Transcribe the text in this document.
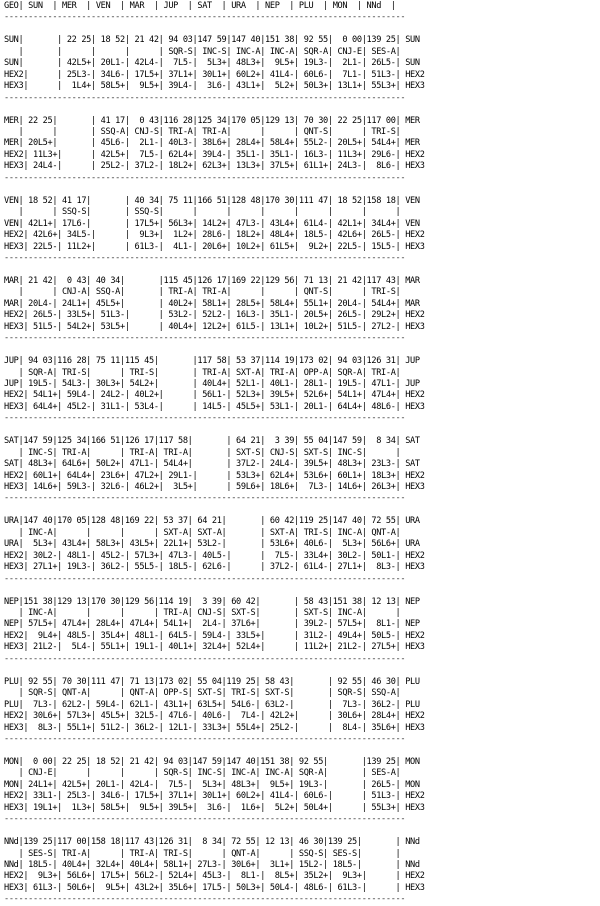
GEO| SUN  | MER  | VEN  | MAR  | JUP  | SAT  | URA  | NEP  | PLU  | MON  | NNd  |
-----------------------------------------------------------------------------------
SUN|       | 22 25| 18 52| 21 42| 94 03|147 59|147 40|151 38| 92 55|  0 00|139 25| SUN
|       |      |      |      | SQR-S| INC-S| INC-A| INC-A| SQR-A| CNJ-E| SES-A|
SUN|       | 42L5+| 20L1-| 42L4-|  7L5-|  5L3+| 48L3+|  9L5+| 19L3-|  2L1-| 26L5-| SUN
HEX2|      | 25L3-| 34L6-| 17L5+| 37L1+| 30L1+| 60L2+| 41L4-| 60L6-|  7L1-| 51L3-| HEX2
HEX3|      |  1L4+| 58L5+|  9L5+| 39L4-|  3L6-| 43L1+|  5L2+| 50L3+| 13L1+| 55L3+| HEX3
-----------------------------------------------------------------------------------
MER| 22 25|       | 41 17|  0 43|116 28|125 34|170 05|129 13| 70 30| 22 25|117 00| MER
|      |       | SSQ-A| CNJ-S| TRI-A| TRI-A|      |      | QNT-S|      | TRI-S|
MER| 20L5+|       | 45L6-|  2L1-| 40L3-| 38L6+| 28L4+| 58L4+| 55L2-| 20L5+| 54L4+| MER
HEX2| 11L3+|      | 42L5+|  7L5-| 62L4+| 39L4-| 35L1-| 35L1-| 16L3-| 11L3+| 29L6-| HEX2
HEX3| 24L4-|      | 25L2-| 37L2-| 18L2+| 62L3+| 13L3+| 37L5+| 61L1+| 24L3-|  8L6-| HEX3
-----------------------------------------------------------------------------------
VEN| 18 52| 41 17|       | 40 34| 75 11|166 51|128 48|170 30|111 47| 18 52|158 18| VEN
|      | SSQ-S|       | SSQ-S|      |      |      |      |      |      |      |
VEN| 42L1+| 17L6-|       | 17L5+| 56L3+| 14L2+| 47L3-| 43L4+| 61L4-| 42L1+| 34L4+| VEN
HEX2| 42L6+| 34L5-|      |  9L3+|  1L2+| 28L6-| 18L2+| 48L4+| 18L5-| 42L6+| 26L5-| HEX2
HEX3| 22L5-| 11L2+|      | 61L3-|  4L1-| 20L6+| 10L2+| 61L5+|  9L2+| 22L5-| 15L5-| HEX3
-----------------------------------------------------------------------------------
MAR| 21 42|  0 43| 40 34|       |115 45|126 17|169 22|129 56| 71 13| 21 42|117 43| MAR
|      | CNJ-A| SSQ-A|       | TRI-A| TRI-A|      |      | QNT-S|      | TRI-S|
MAR| 20L4-| 24L1+| 45L5+|       | 40L2+| 58L1+| 28L5+| 58L4+| 55L1+| 20L4-| 54L4+| MAR
HEX2| 26L5-| 33L5+| 51L3-|      | 53L2-| 52L2-| 16L3-| 35L1-| 20L5+| 26L5-| 29L2+| HEX2
HEX3| 51L5-| 54L2+| 53L5+|      | 40L4+| 12L2+| 61L5-| 13L1+| 10L2+| 51L5-| 27L2-| HEX3
-----------------------------------------------------------------------------------
JUP| 94 03|116 28| 75 11|115 45|       |117 58| 53 37|114 19|173 02| 94 03|126 31| JUP
| SQR-A| TRI-S|      | TRI-S|       | TRI-A| SXT-A| TRI-A| OPP-A| SQR-A| TRI-A|
JUP| 19L5-| 54L3-| 30L3+| 54L2+|       | 40L4+| 52L1-| 40L1-| 28L1-| 19L5-| 47L1-| JUP
HEX2| 54L1+| 59L4-| 24L2-| 40L2+|      | 56L1-| 52L3+| 39L5+| 52L6+| 54L1+| 47L4+| HEX2
HEX3| 64L4+| 45L2-| 31L1-| 53L4-|      | 14L5-| 45L5+| 53L1-| 20L1-| 64L4+| 48L6-| HEX3
-----------------------------------------------------------------------------------
SAT|147 59|125 34|166 51|126 17|117 58|       | 64 21|  3 39| 55 04|147 59|  8 34| SAT
| INC-S| TRI-A|      | TRI-A| TRI-A|       | SXT-S| CNJ-S| SXT-S| INC-S|      |
SAT| 48L3+| 64L6+| 50L2+| 47L1-| 54L4+|       | 37L2-| 24L4-| 39L5+| 48L3+| 23L3-| SAT
HEX2| 60L1+| 64L4+| 23L6+| 47L2+| 29L1-|      | 53L3+| 62L4+| 53L6+| 60L1+| 18L3+| HEX2
HEX3| 14L6+| 59L3-| 32L6-| 46L2+|  3L5+|      | 59L6+| 18L6+|  7L3-| 14L6+| 26L3+| HEX3
-----------------------------------------------------------------------------------
URA|147 40|170 05|128 48|169 22| 53 37| 64 21|       | 60 42|119 25|147 40| 72 55| URA
| INC-A|      |      |      | SXT-A| SXT-A|       | SXT-A| TRI-S| INC-A| QNT-A|
URA|  5L3+| 43L4+| 58L3+| 43L5+| 22L1+| 53L2-|       | 53L6+| 40L6-|  5L3+| 56L6+| URA
HEX2| 30L2-| 48L1-| 45L2-| 57L3+| 47L3-| 40L5-|      |  7L5-| 33L4+| 30L2-| 50L1-| HEX2
HEX3| 27L1+| 19L3-| 36L2-| 55L5-| 18L5-| 62L6-|      | 37L2-| 61L4-| 27L1+|  8L3-| HEX3
-----------------------------------------------------------------------------------
NEP|151 38|129 13|170 30|129 56|114 19|  3 39| 60 42|       | 58 43|151 38| 12 13| NEP
| INC-A|      |      |      | TRI-A| CNJ-S| SXT-S|       | SXT-S| INC-A|      |
NEP| 57L5+| 47L4+| 28L4+| 47L4+| 54L1+|  2L4-| 37L6+|       | 39L2-| 57L5+|  8L1-| NEP
HEX2|  9L4+| 48L5-| 35L4+| 48L1-| 64L5-| 59L4-| 33L5+|      | 31L2-| 49L4+| 50L5-| HEX2
HEX3| 21L2-|  5L4-| 55L1+| 19L1-| 40L1+| 32L4+| 52L4+|      | 11L2+| 21L2-| 27L5+| HEX3
-----------------------------------------------------------------------------------
PLU| 92 55| 70 30|111 47| 71 13|173 02| 55 04|119 25| 58 43|       | 92 55| 46 30| PLU
| SQR-S| QNT-A|      | QNT-A| OPP-S| SXT-S| TRI-S| SXT-S|       | SQR-S| SSQ-A|
PLU|  7L3-| 62L2-| 59L4-| 62L1-| 43L1+| 63L5+| 54L6-| 63L2-|       |  7L3-| 36L2-| PLU
HEX2| 30L6+| 57L3+| 45L5+| 32L5-| 47L6-| 40L6-|  7L4-| 42L2+|      | 30L6+| 28L4+| HEX2
HEX3|  8L3-| 55L1+| 51L2-| 36L2-| 12L1-| 33L3+| 55L4+| 25L2-|      |  8L4-| 35L6+| HEX3
-----------------------------------------------------------------------------------
MON|  0 00| 22 25| 18 52| 21 42| 94 03|147 59|147 40|151 38| 92 55|       |139 25| MON
| CNJ-E|      |      |      | SQR-S| INC-S| INC-A| INC-A| SQR-A|       | SES-A|
MON| 24L1+| 42L5+| 20L1-| 42L4-|  7L5-|  5L3+| 48L3+|  9L5+| 19L3-|       | 26L5-| MON
HEX2| 33L1-| 25L3-| 34L6-| 17L5+| 37L1+| 30L1+| 60L2+| 41L4-| 60L6-|      | 51L3-| HEX2
HEX3| 19L1+|  1L3+| 58L5+|  9L5+| 39L5+|  3L6-|  1L6+|  5L2+| 50L4+|      | 55L3+| HEX3
-----------------------------------------------------------------------------------
NNd|139 25|117 00|158 18|117 43|126 31|  8 34| 72 55| 12 13| 46 30|139 25|       | NNd
| SES-S| TRI-A|      | TRI-A| TRI-S|      | QNT-A|      | SSQ-S| SES-S|       |
NNd| 18L5-| 40L4+| 32L4+| 40L4+| 58L1+| 27L3-| 30L6+|  3L1+| 15L2-| 18L5-|       | NNd
HEX2|  9L3+| 56L6+| 17L5+| 56L2-| 52L4+| 45L3-|  8L1-|  8L5+| 35L2+|  9L3+|      | HEX2
HEX3| 61L3-| 50L6+|  9L5+| 43L2+| 35L6+| 17L5-| 50L3+| 50L4-| 48L6-| 61L3-|      | HEX3
-----------------------------------------------------------------------------------
